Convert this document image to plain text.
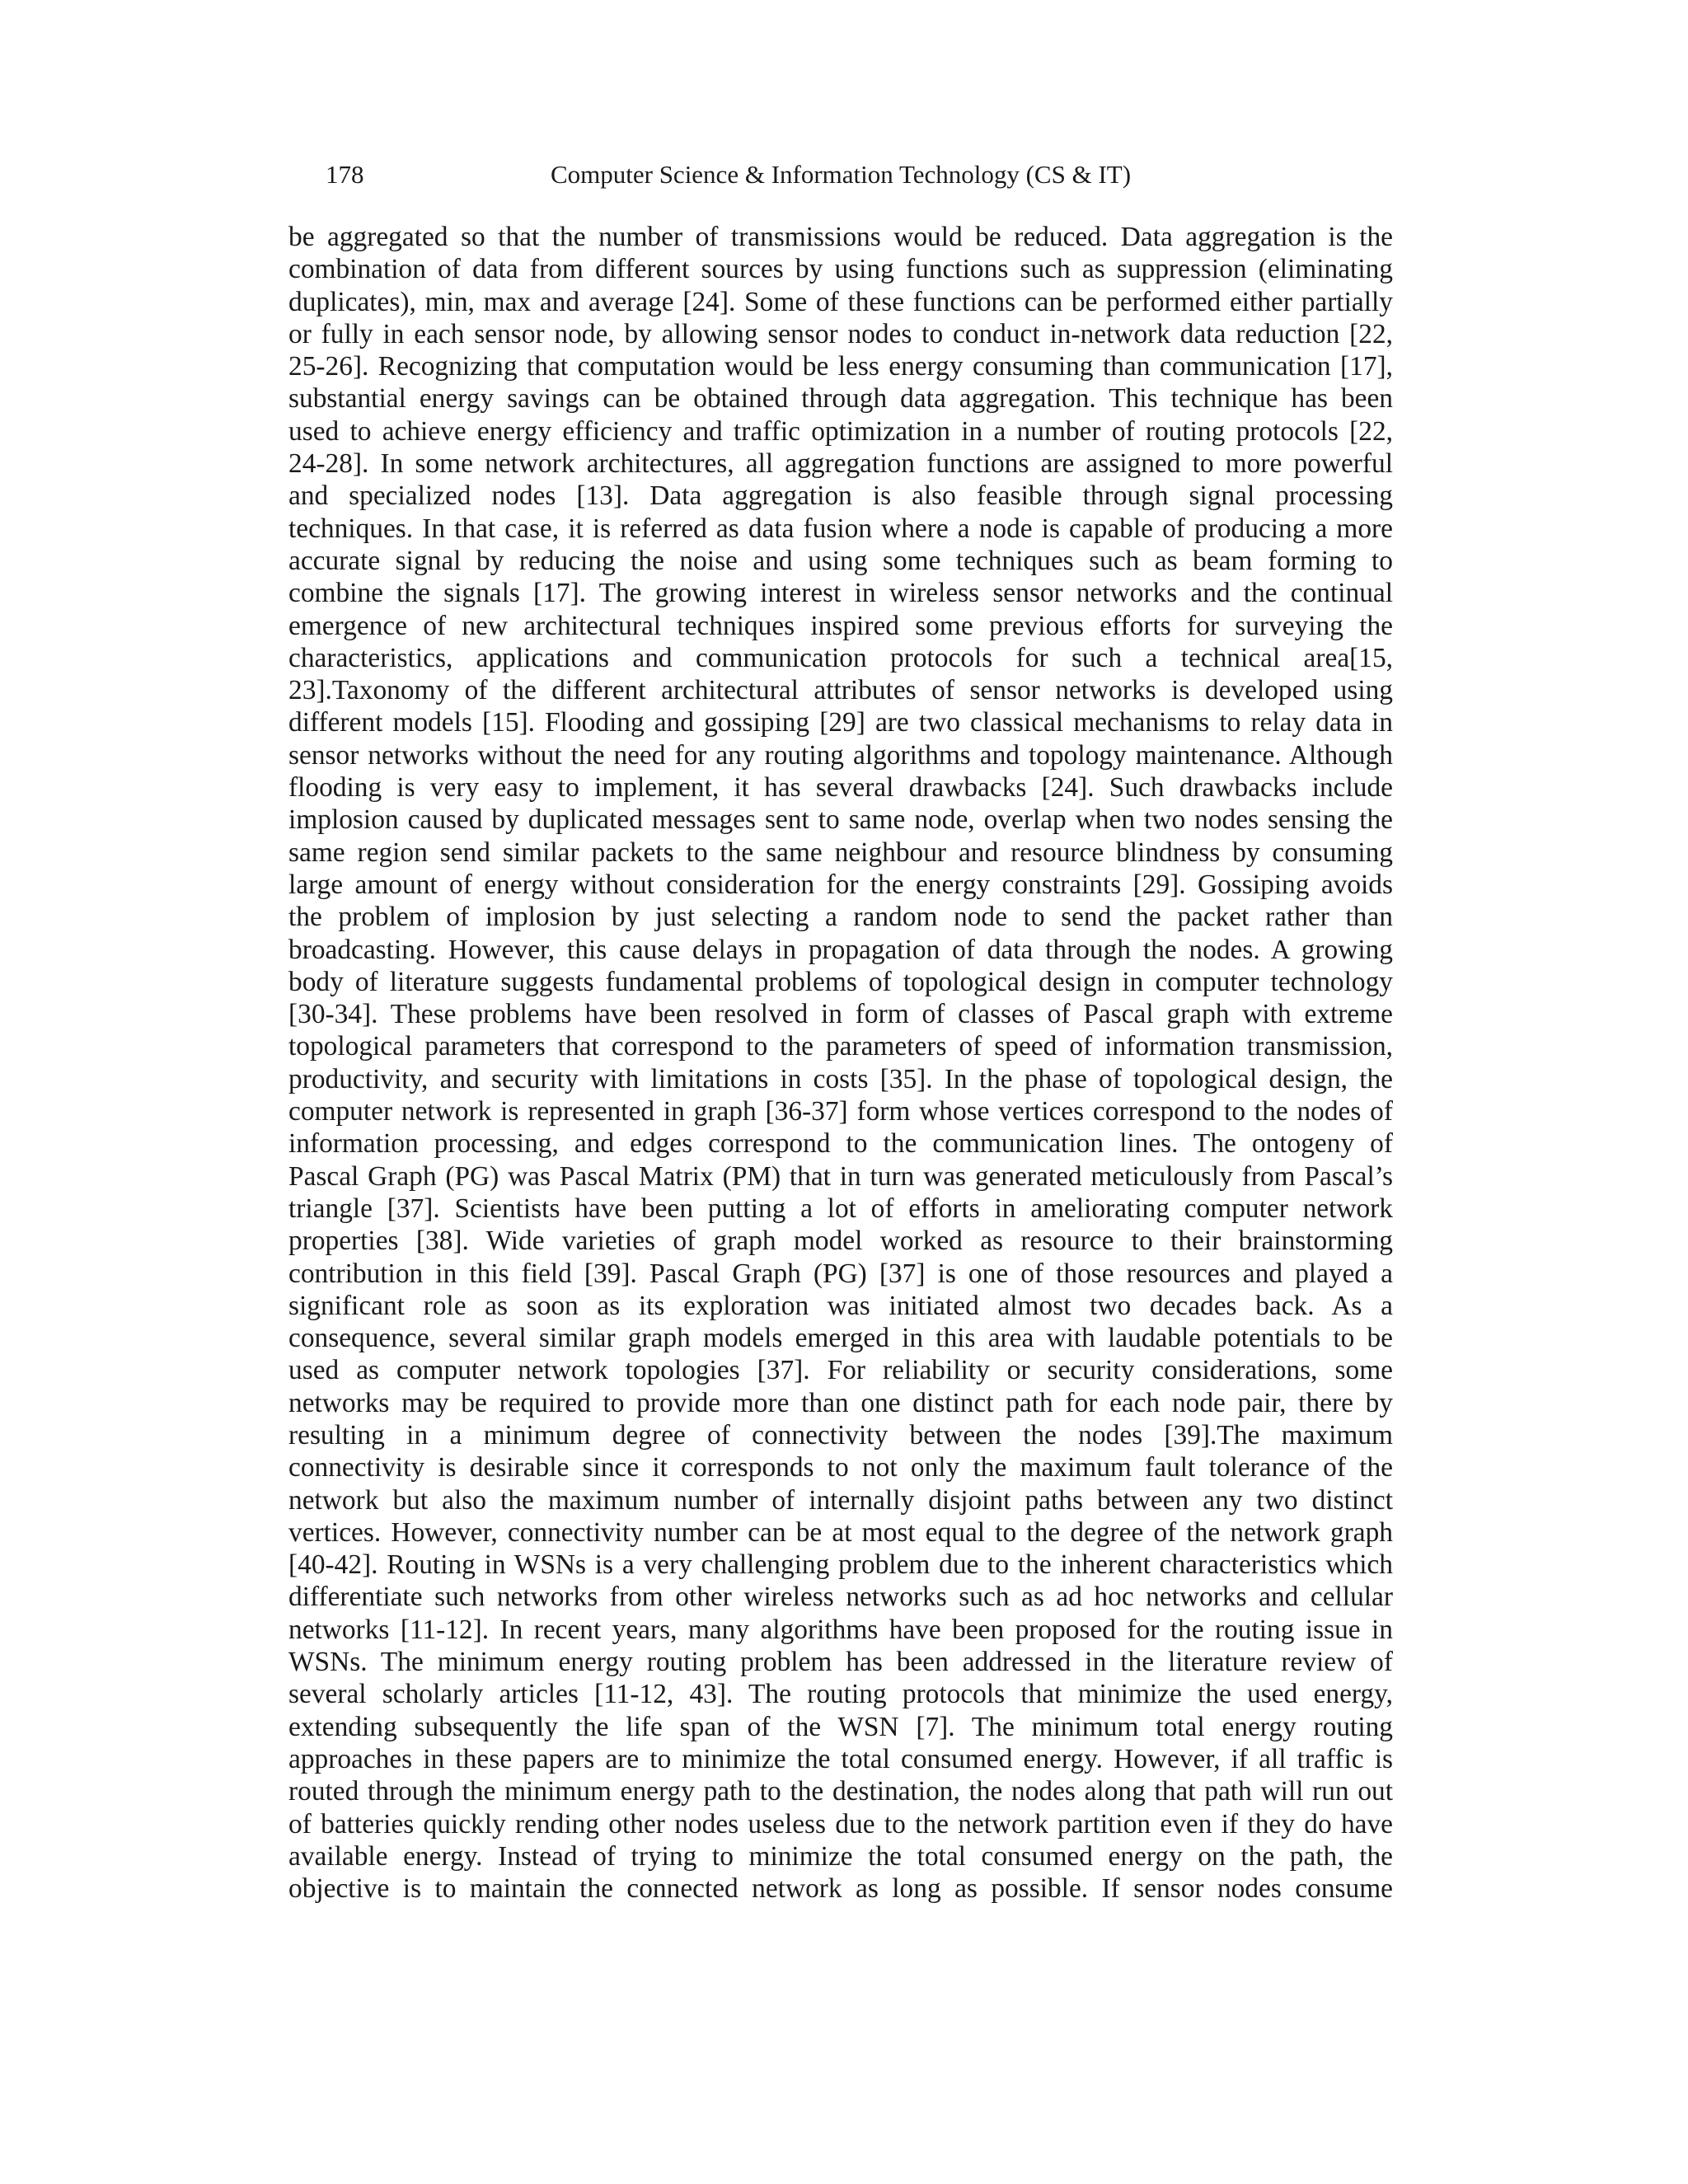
178	Computer Science & Information Technology (CS & IT)
be aggregated so that the number of transmissions would be reduced. Data aggregation is the
combination of data from different sources by using functions such as suppression (eliminating
duplicates), min, max and average [24]. Some of these functions can be performed either partially
or fully in each sensor node, by allowing sensor nodes to conduct in-network data reduction [22,
25-26]. Recognizing that computation would be less energy consuming than communication [17],
substantial energy savings can be obtained through data aggregation. This technique has been
used to achieve energy efficiency and traffic optimization in a number of routing protocols [22,
24-28]. In some network architectures, all aggregation functions are assigned to more powerful
and specialized nodes [13]. Data aggregation is also feasible through signal processing
techniques. In that case, it is referred as data fusion where a node is capable of producing a more
accurate signal by reducing the noise and using some techniques such as beam forming to
combine the signals [17]. The growing interest in wireless sensor networks and the continual
emergence of new architectural techniques inspired some previous efforts for surveying the
characteristics, applications and communication protocols for such a technical area[15,
23].Taxonomy of the different architectural attributes of sensor networks is developed using
different models [15]. Flooding and gossiping [29] are two classical mechanisms to relay data in
sensor networks without the need for any routing algorithms and topology maintenance. Although
flooding is very easy to implement, it has several drawbacks [24]. Such drawbacks include
implosion caused by duplicated messages sent to same node, overlap when two nodes sensing the
same region send similar packets to the same neighbour and resource blindness by consuming
large amount of energy without consideration for the energy constraints [29]. Gossiping avoids
the problem of implosion by just selecting a random node to send the packet rather than
broadcasting. However, this cause delays in propagation of data through the nodes. A growing
body of literature suggests fundamental problems of topological design in computer technology
[30-34]. These problems have been resolved in form of classes of Pascal graph with extreme
topological parameters that correspond to the parameters of speed of information transmission,
productivity, and security with limitations in costs [35]. In the phase of topological design, the
computer network is represented in graph [36-37] form whose vertices correspond to the nodes of
information processing, and edges correspond to the communication lines. The ontogeny of
Pascal Graph (PG) was Pascal Matrix (PM) that in turn was generated meticulously from Pascal’s
triangle [37]. Scientists have been putting a lot of efforts in ameliorating computer network
properties [38]. Wide varieties of graph model worked as resource to their brainstorming
contribution in this field [39]. Pascal Graph (PG) [37] is one of those resources and played a
significant role as soon as its exploration was initiated almost two decades back. As a
consequence, several similar graph models emerged in this area with laudable potentials to be
used as computer network topologies [37]. For reliability or security considerations, some
networks may be required to provide more than one distinct path for each node pair, there by
resulting in a minimum degree of connectivity between the nodes [39].The maximum
connectivity is desirable since it corresponds to not only the maximum fault tolerance of the
network but also the maximum number of internally disjoint paths between any two distinct
vertices. However, connectivity number can be at most equal to the degree of the network graph
[40-42]. Routing in WSNs is a very challenging problem due to the inherent characteristics which
differentiate such networks from other wireless networks such as ad hoc networks and cellular
networks [11-12]. In recent years, many algorithms have been proposed for the routing issue in
WSNs. The minimum energy routing problem has been addressed in the literature review of
several scholarly articles [11-12, 43]. The routing protocols that minimize the used energy,
extending subsequently the life span of the WSN [7]. The minimum total energy routing
approaches in these papers are to minimize the total consumed energy. However, if all traffic is
routed through the minimum energy path to the destination, the nodes along that path will run out
of batteries quickly rending other nodes useless due to the network partition even if they do have
available energy. Instead of trying to minimize the total consumed energy on the path, the
objective is to maintain the connected network as long as possible. If sensor nodes consume
